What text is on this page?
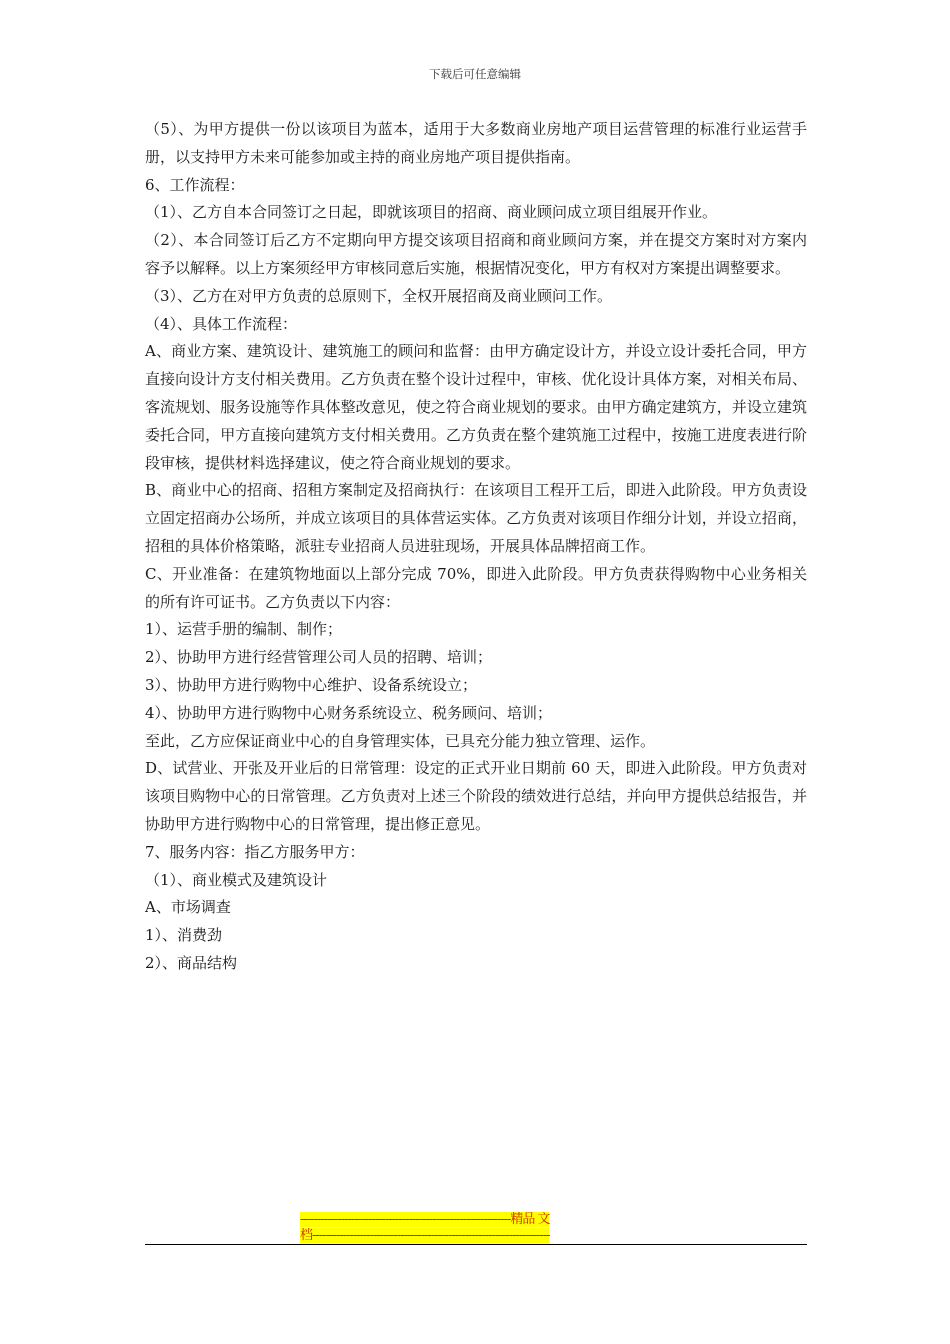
下载后可任意编辑

（5）、为甲方提供一份以该项目为蓝本，适用于大多数商业房地产项目运营管理的标准行业运营手册，以支持甲方未来可能参加或主持的商业房地产项目提供指南。

6、工作流程：

（1）、乙方自本合同签订之日起，即就该项目的招商、商业顾问成立项目组展开作业。

（2）、本合同签订后乙方不定期向甲方提交该项目招商和商业顾问方案，并在提交方案时对方案内容予以解释。以上方案须经甲方审核同意后实施，根据情况变化，甲方有权对方案提出调整要求。

（3）、乙方在对甲方负责的总原则下，全权开展招商及商业顾问工作。

（4）、具体工作流程：

A、商业方案、建筑设计、建筑施工的顾问和监督：由甲方确定设计方，并设立设计委托合同，甲方直接向设计方支付相关费用。乙方负责在整个设计过程中，审核、优化设计具体方案，对相关布局、客流规划、服务设施等作具体整改意见，使之符合商业规划的要求。由甲方确定建筑方，并设立建筑委托合同，甲方直接向建筑方支付相关费用。乙方负责在整个建筑施工过程中，按施工进度表进行阶段审核，提供材料选择建议，使之符合商业规划的要求。

B、商业中心的招商、招租方案制定及招商执行：在该项目工程开工后，即进入此阶段。甲方负责设立固定招商办公场所，并成立该项目的具体营运实体。乙方负责对该项目作细分计划，并设立招商，招租的具体价格策略，派驻专业招商人员进驻现场，开展具体品牌招商工作。

C、开业准备：在建筑物地面以上部分完成 70%，即进入此阶段。甲方负责获得购物中心业务相关的所有许可证书。乙方负责以下内容：

1）、运营手册的编制、制作；

2）、协助甲方进行经营管理公司人员的招聘、培训；

3）、协助甲方进行购物中心维护、设备系统设立；

4）、协助甲方进行购物中心财务系统设立、税务顾问、培训；

至此，乙方应保证商业中心的自身管理实体，已具充分能力独立管理、运作。

D、试营业、开张及开业后的日常管理：设定的正式开业日期前 60 天，即进入此阶段。甲方负责对该项目购物中心的日常管理。乙方负责对上述三个阶段的绩效进行总结，并向甲方提供总结报告，并协助甲方进行购物中心的日常管理，提出修正意见。

7、服务内容：指乙方服务甲方：

（1）、商业模式及建筑设计

A、市场调查

1）、消费劲

2）、商品结构

--------------------------------------------------------------精品 文
档----------------------------------------------------------------------
